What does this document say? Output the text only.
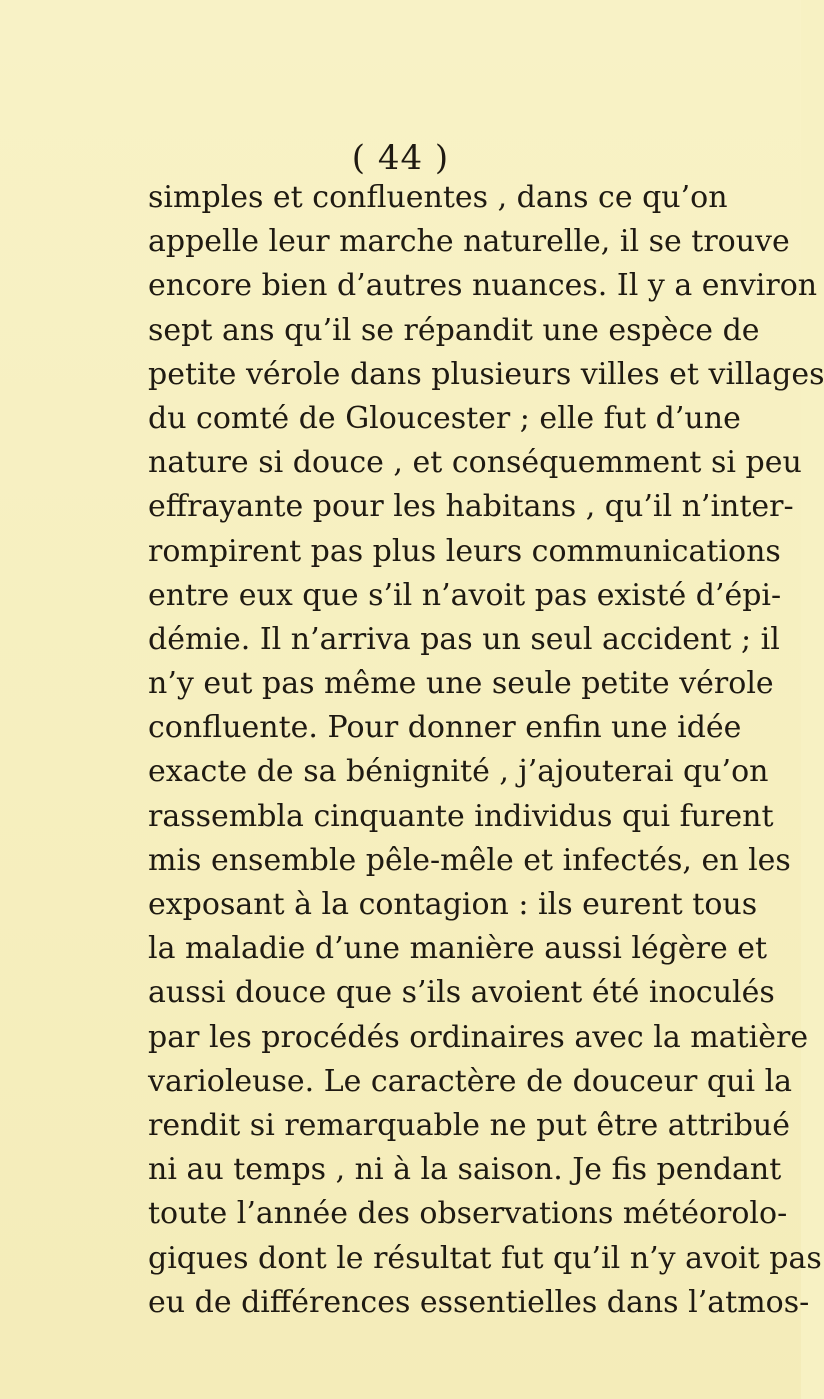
( 44 )
simples et confluentes , dans ce qu’on
appelle leur marche naturelle, il se trouve
encore bien d’autres nuances. Il y a environ
sept ans qu’il se répandit une espèce de
petite vérole dans plusieurs villes et villages
du comté de Gloucester ; elle fut d’une
nature si douce , et conséquemment si peu
effrayante pour les habitans , qu’il n’inter-
rompirent pas plus leurs communications
entre eux que s’il n’avoit pas existé d’épi-
démie. Il n’arriva pas un seul accident ; il
n’y eut pas même une seule petite vérole
confluente. Pour donner enfin une idée
exacte de sa bénignité , j’ajouterai qu’on
rassembla cinquante individus qui furent
mis ensemble pêle-mêle et infectés, en les
exposant à la contagion : ils eurent tous
la maladie d’une manière aussi légère et
aussi douce que s’ils avoient été inoculés
par les procédés ordinaires avec la matière
varioleuse. Le caractère de douceur qui la
rendit si remarquable ne put être attribué
ni au temps , ni à la saison. Je fis pendant
toute l’année des observations météorolo-
giques dont le résultat fut qu’il n’y avoit pas
eu de différences essentielles dans l’atmos-
